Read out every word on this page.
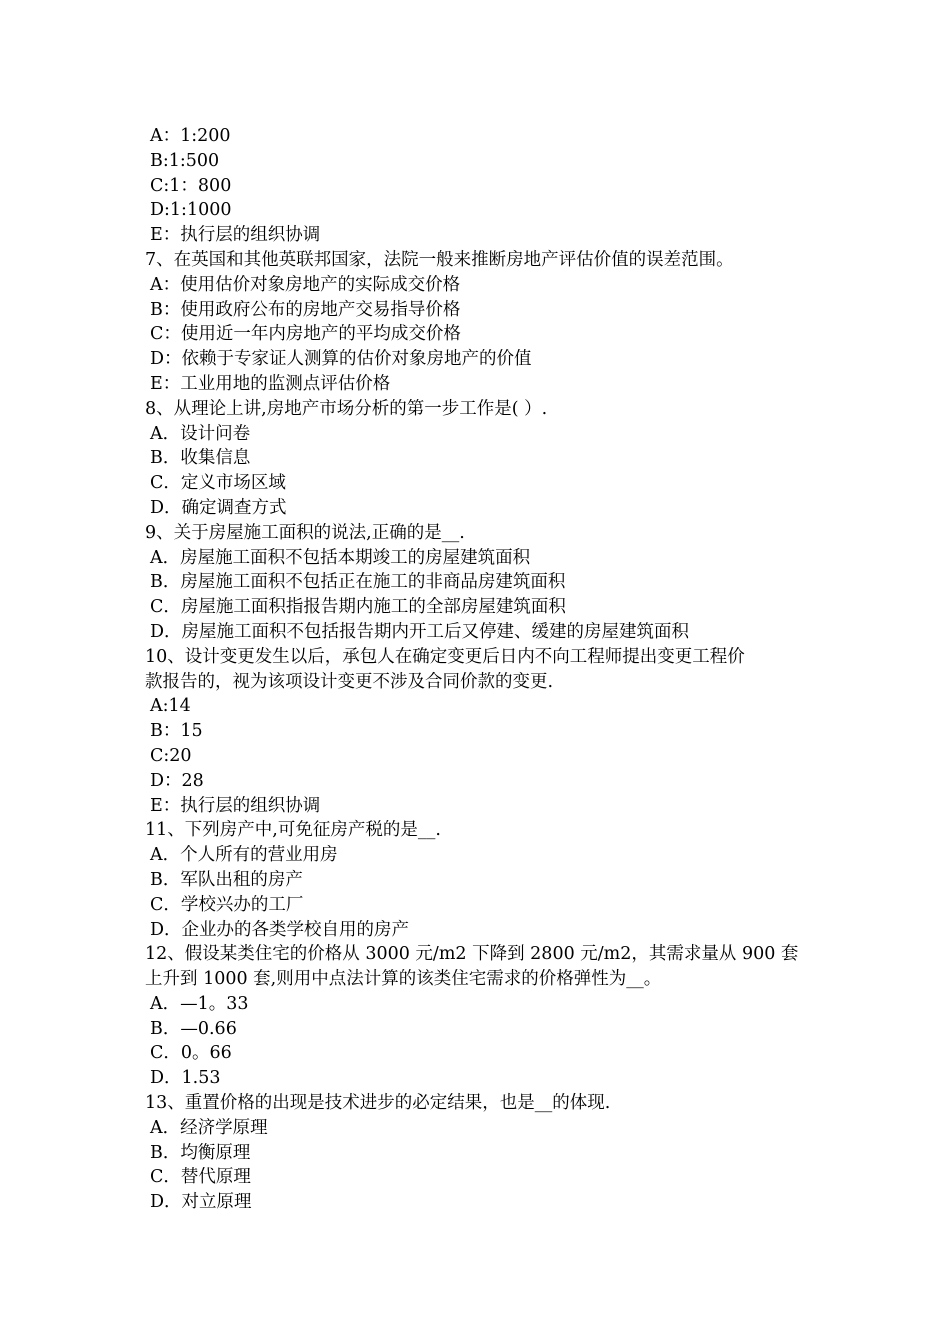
A：1:200
B:1:500
C:1：800
D:1:1000
E：执行层的组织协调
7、在英国和其他英联邦国家，法院一般来推断房地产评估价值的误差范围。
A：使用估价对象房地产的实际成交价格
B：使用政府公布的房地产交易指导价格
C：使用近一年内房地产的平均成交价格
D：依赖于专家证人测算的估价对象房地产的价值
E：工业用地的监测点评估价格
8、从理论上讲,房地产市场分析的第一步工作是( ）.
A．设计问卷
B．收集信息
C．定义市场区域
D．确定调查方式
9、关于房屋施工面积的说法,正确的是__.
A．房屋施工面积不包括本期竣工的房屋建筑面积
B．房屋施工面积不包括正在施工的非商品房建筑面积
C．房屋施工面积指报告期内施工的全部房屋建筑面积
D．房屋施工面积不包括报告期内开工后又停建、缓建的房屋建筑面积
10、设计变更发生以后，承包人在确定变更后日内不向工程师提出变更工程价
款报告的，视为该项设计变更不涉及合同价款的变更.
A:14
B：15
C:20
D：28
E：执行层的组织协调
11、下列房产中,可免征房产税的是__.
A．个人所有的营业用房
B．军队出租的房产
C．学校兴办的工厂
D．企业办的各类学校自用的房产
12、假设某类住宅的价格从 3000 元/m2 下降到 2800 元/m2，其需求量从 900 套
上升到 1000 套,则用中点法计算的该类住宅需求的价格弹性为__。
A．—1。33
B．—0.66
C．0。66
D．1.53
13、重置价格的出现是技术进步的必定结果，也是__的体现.
A．经济学原理
B．均衡原理
C．替代原理
D．对立原理
